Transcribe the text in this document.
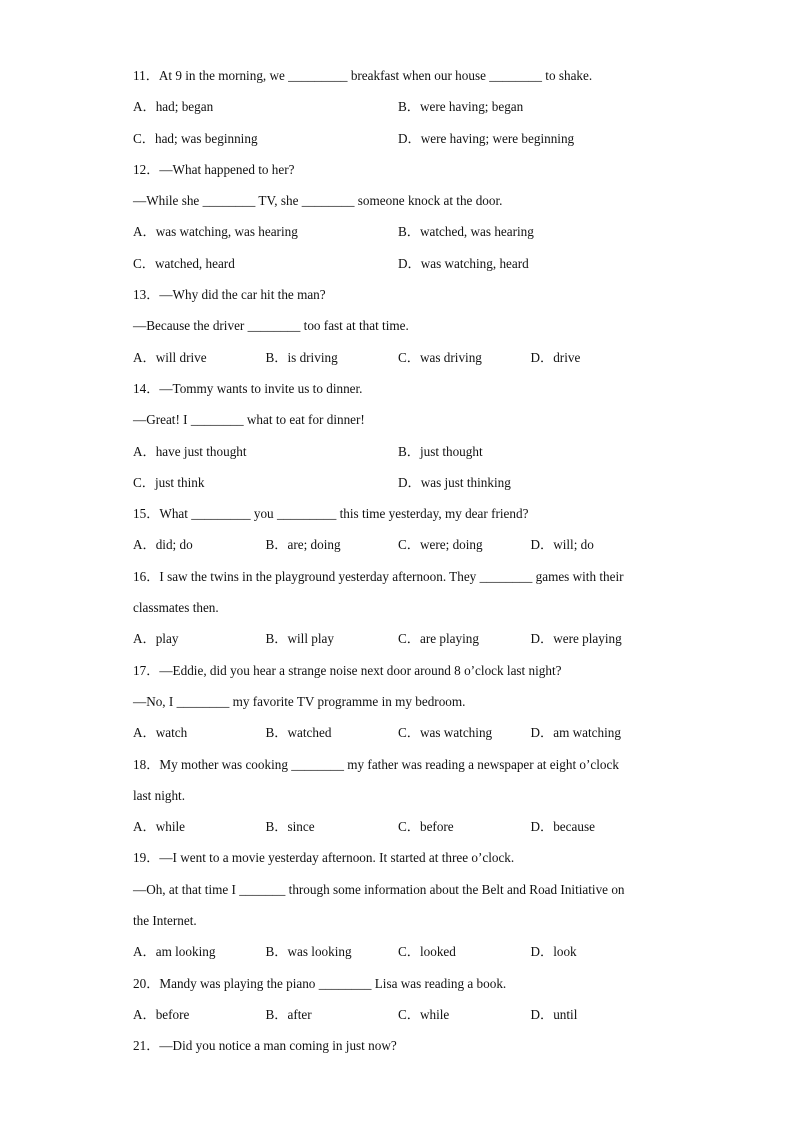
11．At 9 in the morning, we _________ breakfast when our house ________ to shake.
A．had; began	B．were having; began
C．had; was beginning	D．were having; were beginning
12．—What happened to her?
—While she ________ TV, she ________ someone knock at the door.
A．was watching, was hearing	B．watched, was hearing
C．watched, heard	D．was watching, heard
13．—Why did the car hit the man?
—Because the driver ________ too fast at that time.
A．will drive	B．is driving	C．was driving	D．drive
14．—Tommy wants to invite us to dinner.
—Great! I ________ what to eat for dinner!
A．have just thought	B．just thought
C．just think	D．was just thinking
15．What _________ you _________ this time yesterday, my dear friend?
A．did; do	B．are; doing	C．were; doing	D．will; do
16．I saw the twins in the playground yesterday afternoon. They ________ games with their
classmates then.
A．play	B．will play	C．are playing	D．were playing
17．—Eddie, did you hear a strange noise next door around 8 o’clock last night?
—No, I ________ my favorite TV programme in my bedroom.
A．watch	B．watched	C．was watching	D．am watching
18．My mother was cooking ________ my father was reading a newspaper at eight o’clock
last night.
A．while	B．since	C．before	D．because
19．—I went to a movie yesterday afternoon. It started at three o’clock.
—Oh, at that time I _______ through some information about the Belt and Road Initiative on
the Internet.
A．am looking	B．was looking	C．looked	D．look
20．Mandy was playing the piano ________ Lisa was reading a book.
A．before	B．after	C．while	D．until
21．—Did you notice a man coming in just now?
